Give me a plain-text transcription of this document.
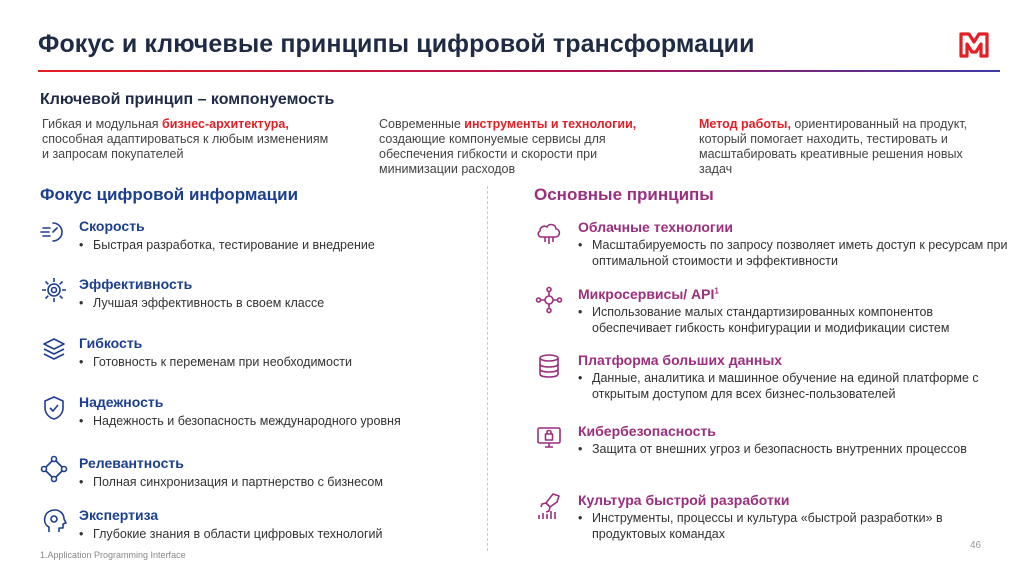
Фокус и ключевые принципы цифровой трансформации
Ключевой принцип – компонуемость
Гибкая и модульная бизнес-архитектура, способная адаптироваться к любым изменениям и запросам покупателей
Современные инструменты и технологии, создающие компонуемые сервисы для обеспечения гибкости и скорости при минимизации расходов
Метод работы, ориентированный на продукт, который помогает находить, тестировать и масштабировать креативные решения новых задач
Фокус цифровой информации	Основные принципы
Скорость
• Быстрая разработка, тестирование и внедрение
Эффективность
• Лучшая эффективность в своем классе
Гибкость
• Готовность к переменам при необходимости
Надежность
• Надежность и безопасность международного уровня
Релевантность
• Полная синхронизация и партнерство с бизнесом
Экспертиза
• Глубокие знания в области цифровых технологий
Облачные технологии
• Масштабируемость по запросу позволяет иметь доступ к ресурсам при оптимальной стоимости и эффективности
Микросервисы/ API$^1$
• Использование малых стандартизированных компонентов обеспечивает гибкость конфигурации и модификации систем
Платформа больших данных
• Данные, аналитика и машинное обучение на единой платформе с открытым доступом для всех бизнес-пользователей
Кибербезопасность
• Защита от внешних угроз и безопасность внутренних процессов
Культура быстрой разработки
• Инструменты, процессы и культура «быстрой разработки» в продуктовых командах
1.Application Programming Interface
46
